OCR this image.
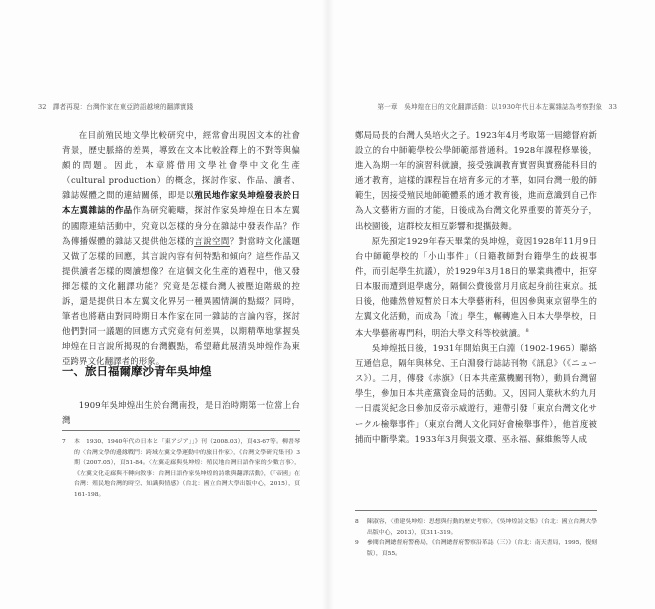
32 譯者再現：台灣作家在東亞跨語越境的翻譯實踐

在目前殖民地文學比較研究中，經常會出現因文本的社會背景，歷史脈絡的差異，導致在文本比較詮釋上的不對等與偏頗的問題。因此，本章將借用文學社會學中文化生產（cultural production）的概念，探討作家、作品、讀者、雜誌媒體之間的連結關係，即是以殖民地作家吳坤煌發表於日本左翼雜誌的作品作為研究範疇，探討作家吳坤煌在日本左翼的國際連結活動中，究竟以怎樣的身分在雜誌中發表作品？作為傳播媒體的雜誌又提供他怎樣的言說空間？對當時文化議題又做了怎樣的回應，其言說內容有何特點和傾向？這些作品又提供讀者怎樣的閱讀想像？在這個文化生產的過程中，他又發揮怎樣的文化翻譯功能？究竟是怎樣台灣人被壓迫階級的控訴，還是提供日本左翼文化界另一種異國情調的點綴？同時，筆者也將藉由對同時期日本作家在同一雜誌的言論內容，探討他們對同一議題的回應方式究竟有何差異，以期精準地掌握吳坤煌在日言說所揭現的台灣觀點，希望藉此展清吳坤煌作為東亞跨界文化翻譯者的形象。

一、旅日福爾摩沙青年吳坤煌

1909年吳坤煌出生於台灣南投，是日治時期第一位當上台灣

7	本　1930、1940年代の日本と「東アジア」」》刊（2008.03），頁43-67等。柳書琴的〈台灣文學的邊緣戰鬥：跨域左翼文學運動中的旅日作家〉，《台灣文學研究集刊》3期（2007.05），頁51-84。〈左翼走廊與吳坤煌：殖民地台灣日語作家的少數言事〉，《左翼文化走廊與不轉向敘事：台灣日語作家吳坤煌的詩歌與翻譯活動》，《「帝國」在台灣：殖民地台灣的時空、知識與情感》（台北：國立台灣大學出版中心，2015），頁161-198。
第一章　吳坤煌在日的文化翻譯活動：以1930年代日本左翼雜誌為考察對象 33

鄭局局長的台灣人吳培火之子。1923年4月考取第一屆總督府新設立的台中師範學校公學師範部普通科。1928年課程修畢後，進入為期一年的演習科就讀，接受強調教育實習與實務能科目的通才教育，這樣的課程旨在培育多元的才華，如同台灣一般的師範生，因接受殖民地師範體系的通才教育後，進而意識到自己作為人文藝術方面的才能，日後成為台灣文化界重要的菁英分子，出校園後，這群校友相互影響和提攜鼓舞。

原先預定1929年春天畢業的吳坤煌，竟因1928年11月9日台中師範學校的「小山事件」（日籍教師對台籍學生的歧視事件，而引起學生抗議），於1929年3月18日的畢業典禮中，拒穿日本服而遭到退學處分，隔個公費後當月月底起身前往東京。抵日後，他雖然曾短暫於日本大學藝術科，但因參與東京留學生的左翼文化活動，而成為「流」學生，輾轉進入日本大學學校，日本大學藝術專門科，明治大學文科等校就讀。$^8$

吳坤煌抵日後，1931年開始與王白淵（1902-1965）聯絡互通信息，隔年與林兌、王白淵發行誌誌刊物《訊息》（《ニュース》）。二月，傳發《赤旗》（日本共產黨機關刊物），動員台灣留學生，參加日本共產黨資金局的活動。又，因同人葉秋木約九月一日震災紀念日參加反帝示威遊行，連帶引發「東京台灣文化サークル檢舉事件」（東京台灣人文化同好會檢舉事件），他首度被捕而中斷學業。1933年3月與張文環、巫永福、蘇維熊等人成

8	陳淑容，〈重建吳坤煌：思想與行動的歷史考察〉，《吳坤煌詩文集》（台北：國立台灣大學出版中心，2013），頁311-319。
9	參閱台灣總督府警務局，《台灣總督府警察沿革誌（三）》（台北：南天書局，1995，復刻版），頁55。
